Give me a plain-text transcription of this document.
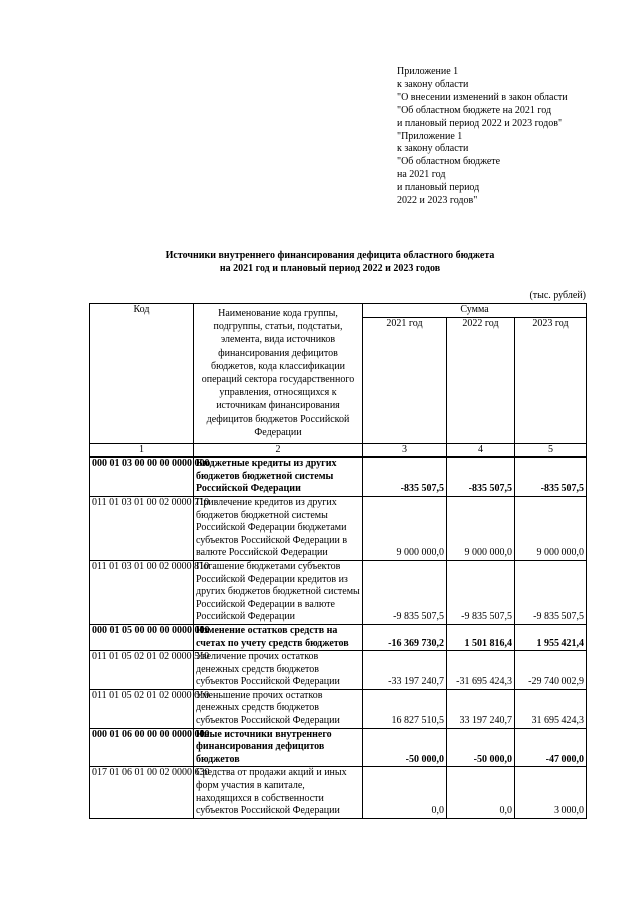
Приложение 1
к закону области
"О внесении изменений в закон области
"Об областном бюджете на 2021 год
и плановый период 2022 и 2023 годов"
"Приложение 1
к закону области
"Об областном бюджете
на 2021 год
и плановый период
2022 и 2023 годов"
Источники внутреннего финансирования дефицита областного бюджета
на 2021 год и плановый период 2022 и 2023 годов
(тыс. рублей)
Код	Наименование кода группы, подгруппы, статьи, подстатьи, элемента, вида источников финансирования дефицитов бюджетов, кода классификации операций сектора государственного управления, относящихся к источникам финансирования дефицитов бюджетов Российской Федерации	Сумма		
		2021 год	2022 год	2023 год
1	2	3	4	5
000 01 03 00 00 00 0000 000	Бюджетные кредиты из других бюджетов бюджетной системы Российской Федерации	-835 507,5	-835 507,5	-835 507,5
011 01 03 01 00 02 0000 710	Привлечение кредитов из других бюджетов бюджетной системы Российской Федерации бюджетами субъектов Российской Федерации в валюте Российской Федерации	9 000 000,0	9 000 000,0	9 000 000,0
011 01 03 01 00 02 0000 810	Погашение бюджетами субъектов Российской Федерации кредитов из других бюджетов бюджетной системы Российской Федерации в валюте Российской Федерации	-9 835 507,5	-9 835 507,5	-9 835 507,5
000 01 05 00 00 00 0000 000	Изменение остатков средств на счетах по учету средств бюджетов	-16 369 730,2	1 501 816,4	1 955 421,4
011 01 05 02 01 02 0000 510	Увеличение прочих остатков денежных средств бюджетов субъектов Российской Федерации	-33 197 240,7	-31 695 424,3	-29 740 002,9
011 01 05 02 01 02 0000 610	Уменьшение прочих остатков денежных средств бюджетов субъектов Российской Федерации	16 827 510,5	33 197 240,7	31 695 424,3
000 01 06 00 00 00 0000 000	Иные источники внутреннего финансирования дефицитов бюджетов	-50 000,0	-50 000,0	-47 000,0
017 01 06 01 00 02 0000 630	Средства от продажи акций и иных форм участия в капитале, находящихся в собственности субъектов Российской Федерации	0,0	0,0	3 000,0
